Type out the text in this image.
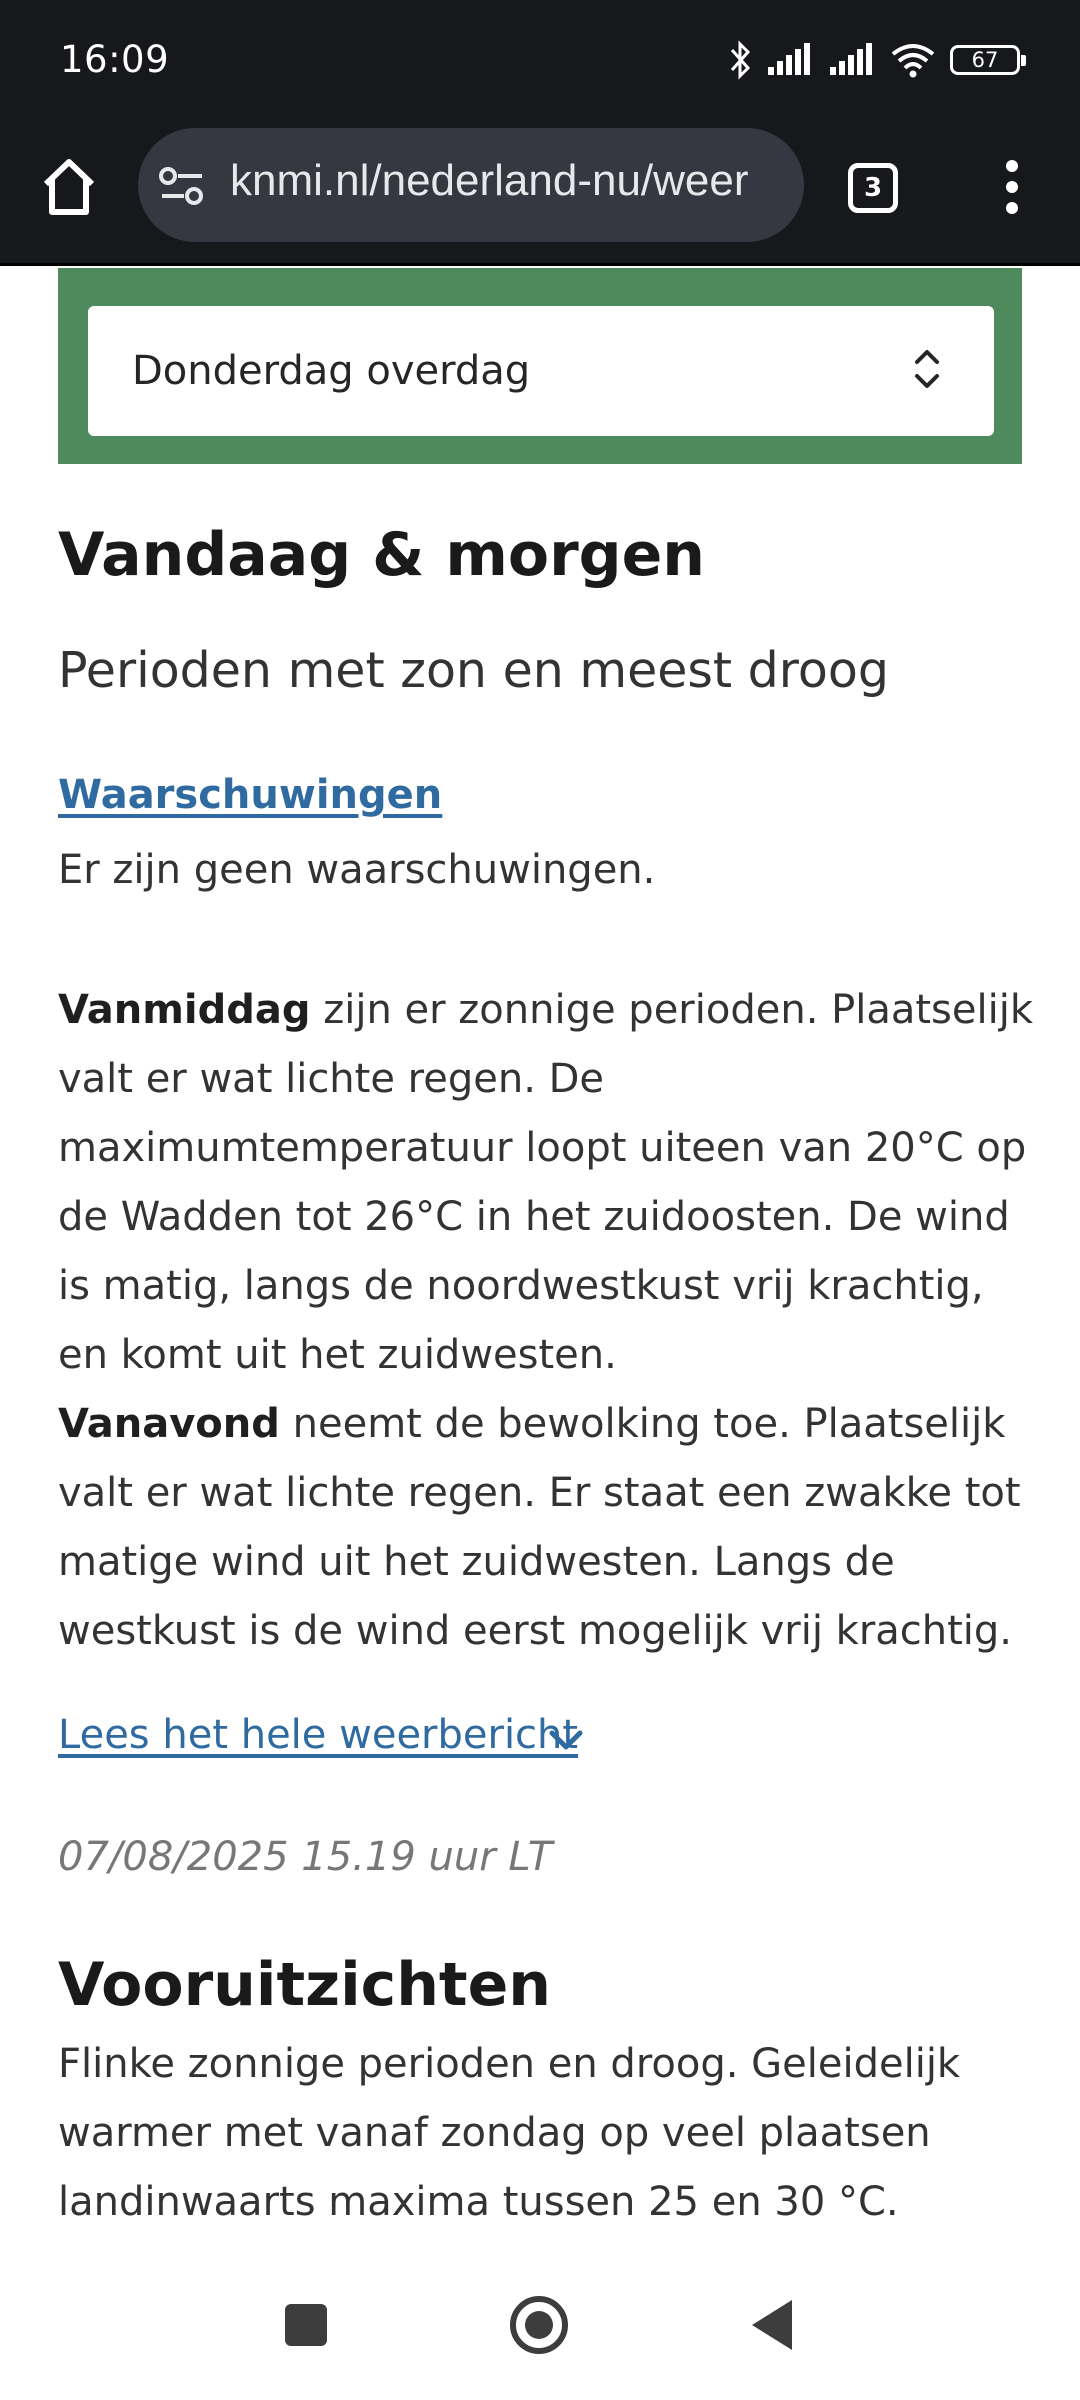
16:09	67
knmi.nl/nederland-nu/weer	3
Donderdag overdag
Vandaag & morgen
Perioden met zon en meest droog
Waarschuwingen
Er zijn geen waarschuwingen.
Vanmiddag zijn er zonnige perioden. Plaatselijk valt er wat lichte regen. De maximumtemperatuur loopt uiteen van 20°C op de Wadden tot 26°C in het zuidoosten. De wind is matig, langs de noordwestkust vrij krachtig, en komt uit het zuidwesten.
Vanavond neemt de bewolking toe. Plaatselijk valt er wat lichte regen. Er staat een zwakke tot matige wind uit het zuidwesten. Langs de westkust is de wind eerst mogelijk vrij krachtig.
Lees het hele weerbericht
07/08/2025 15.19 uur LT
Vooruitzichten
Flinke zonnige perioden en droog. Geleidelijk warmer met vanaf zondag op veel plaatsen landinwaarts maxima tussen 25 en 30 °C.
